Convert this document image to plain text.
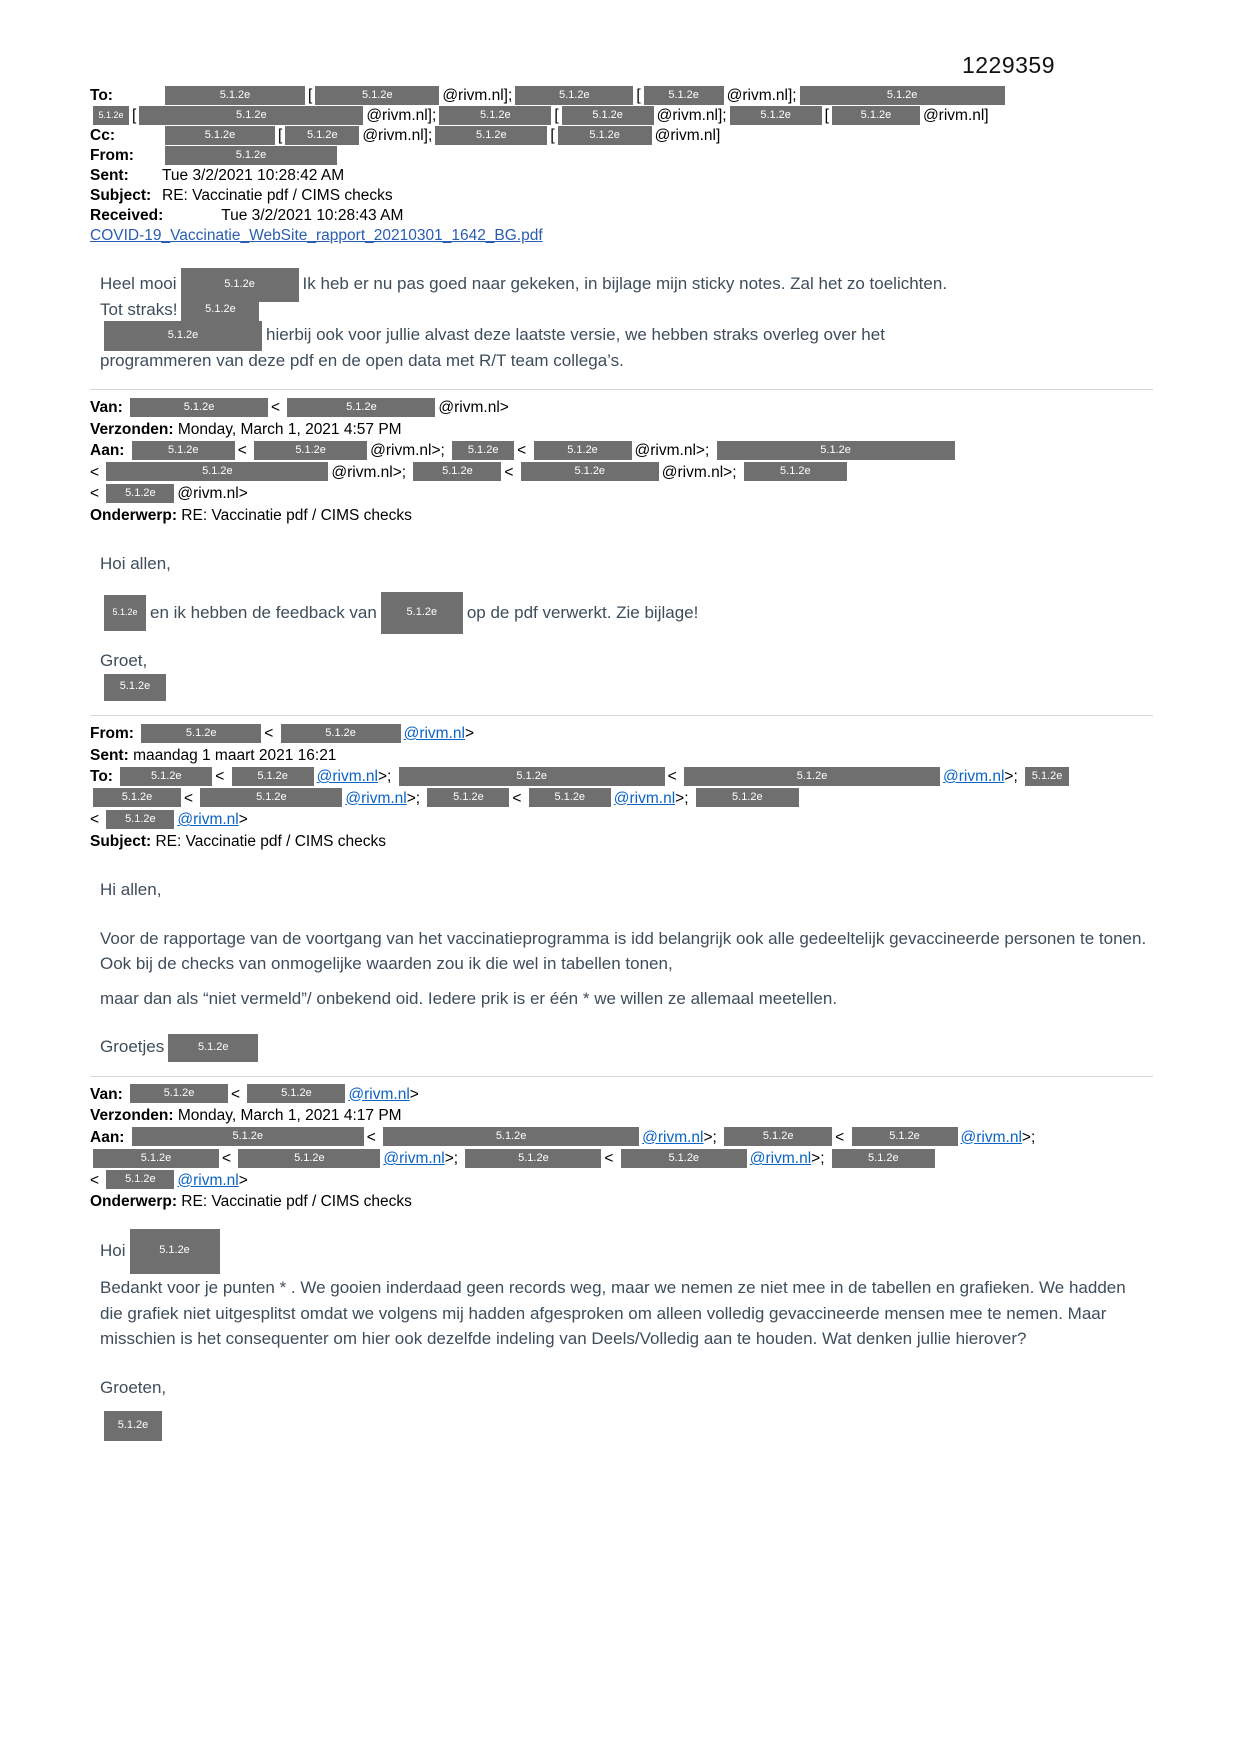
1229359
To:	5.1.2e	[	5.1.2e	@rivm.nl];	5.1.2e	[	5.1.2e @rivm.nl];	5.1.2e
5.1.2e [	5.1.2e	@rivm.nl];	5.1.2e	[	5.1.2e @rivm.nl];	5.1.2e [	5.1.2e @rivm.nl]
Cc:	5.1.2e	[ 5.1.2e @rivm.nl];	5.1.2e	[	5.1.2e @rivm.nl]
From:	5.1.2e
Sent: Tue 3/2/2021 10:28:42 AM
Subject: RE: Vaccinatie pdf / CIMS checks
Received:	Tue 3/2/2021 10:28:43 AM
COVID-19_Vaccinatie_WebSite_rapport_20210301_1642_BG.pdf
Heel mooi	5.1.2e	Ik heb er nu pas goed naar gekeken, in bijlage mijn sticky notes. Zal het zo toelichten.
Tot straks!	5.1.2e
5.1.2e	hierbij ook voor jullie alvast deze laatste versie, we hebben straks overleg over het
programmeren van deze pdf en de open data met R/T team collega’s.
Van:	5.1.2e	<	5.1.2e	@rivm.nl>
Verzonden: Monday, March 1, 2021 4:57 PM
Aan:	5.1.2e	<	5.1.2e	@rivm.nl>; 5.1.2e <	5.1.2e @rivm.nl>;	5.1.2e
<	5.1.2e	@rivm.nl>;	5.1.2e <	5.1.2e	@rivm.nl>;	5.1.2e
< 5.1.2e @rivm.nl>
Onderwerp: RE: Vaccinatie pdf / CIMS checks
Hoi allen,
5.1.2e en ik hebben de feedback van	5.1.2e op de pdf verwerkt. Zie bijlage!
Groet,
5.1.2e
From:	5.1.2e	<	5.1.2e	@rivm.nl>
Sent: maandag 1 maart 2021 16:21
To:	5.1.2e <	5.1.2e @rivm.nl>;	5.1.2e	<	5.1.2e	@rivm.nl>; 5.1.2e
5.1.2e <	5.1.2e	@rivm.nl>;	5.1.2e <	5.1.2e @rivm.nl>;	5.1.2e
< 5.1.2e @rivm.nl>
Subject: RE: Vaccinatie pdf / CIMS checks
Hi allen,
Voor de rapportage van de voortgang van het vaccinatieprogramma is idd belangrijk ook alle gedeeltelijk gevaccineerde personen te tonen. Ook bij de checks van onmogelijke waarden zou ik die wel in tabellen tonen,
maar dan als “niet vermeld”/ onbekend oid. Iedere prik is er één * we willen ze allemaal meetellen.
Groetjes	5.1.2e
Van:	5.1.2e <	5.1.2e @rivm.nl>
Verzonden: Monday, March 1, 2021 4:17 PM
Aan:	5.1.2e	<	5.1.2e	@rivm.nl>;	5.1.2e	<	5.1.2e	@rivm.nl>;
5.1.2e	<	5.1.2e	@rivm.nl>;	5.1.2e	<	5.1.2e	@rivm.nl>;	5.1.2e
< 5.1.2e @rivm.nl>
Onderwerp: RE: Vaccinatie pdf / CIMS checks
Hoi	5.1.2e
Bedankt voor je punten * . We gooien inderdaad geen records weg, maar we nemen ze niet mee in de tabellen en grafieken. We hadden die grafiek niet uitgesplitst omdat we volgens mij hadden afgesproken om alleen volledig gevaccineerde mensen mee te nemen. Maar misschien is het consequenter om hier ook dezelfde indeling van Deels/Volledig aan te houden. Wat denken jullie hierover?
Groeten,
5.1.2e
